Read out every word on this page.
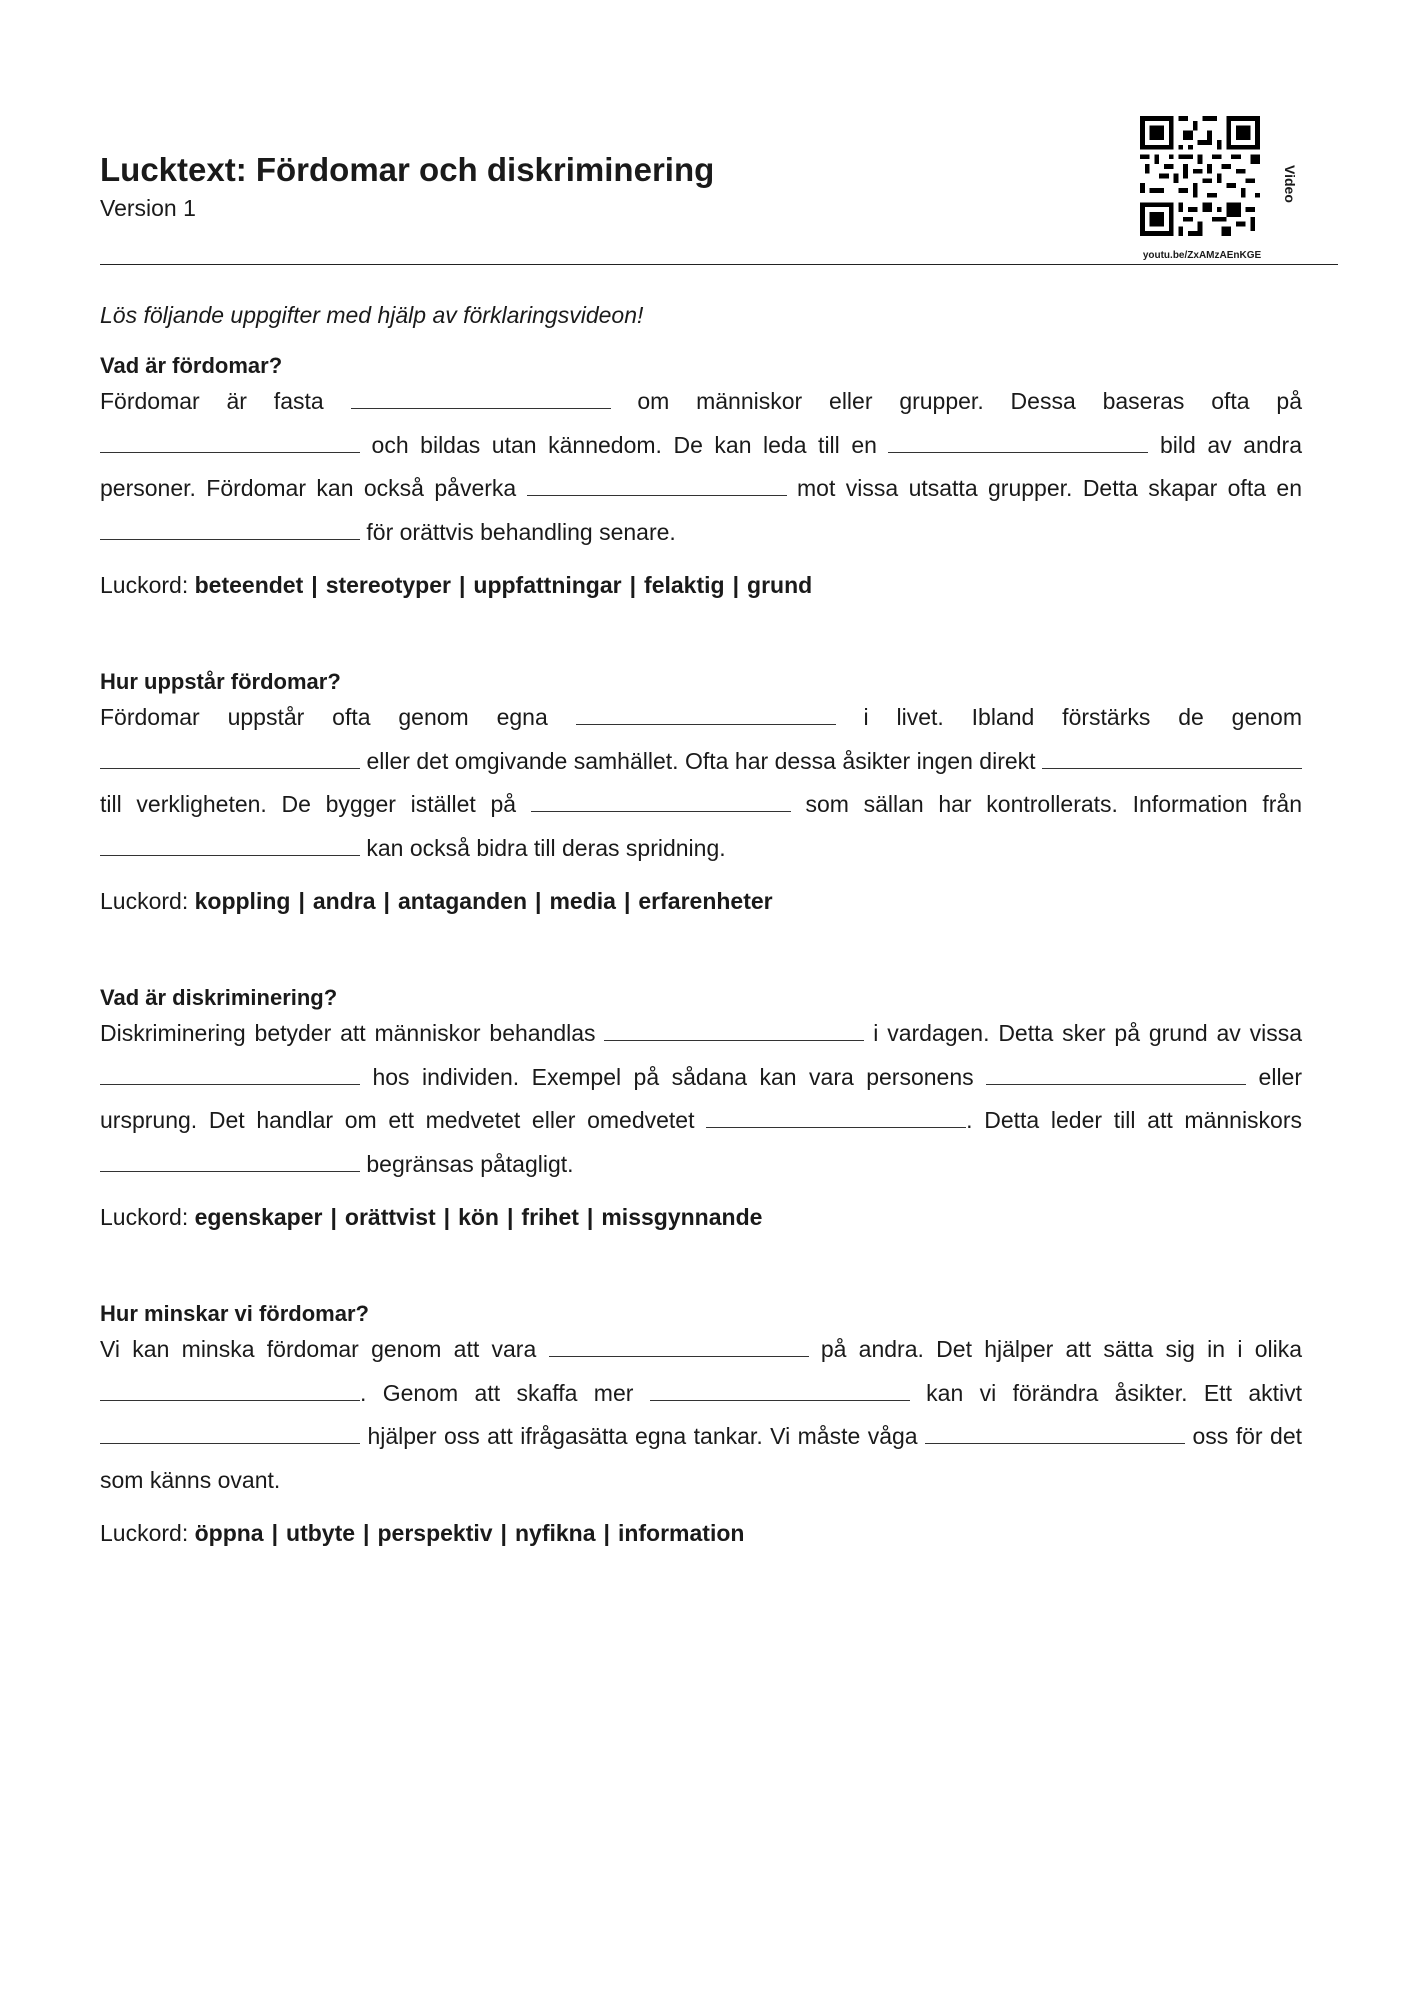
Lucktext: Fördomar och diskriminering
Version 1
youtu.be/ZxAMzAEnKGE
Video
Lös följande uppgifter med hjälp av förklaringsvideon!
Vad är fördomar?

Fördomar är fasta	om människor eller grupper. Dessa baseras ofta på  och bildas utan kännedom. De kan leda till en	bild av andra personer. Fördomar kan också påverka	mot vissa utsatta grupper. Detta skapar ofta en  för orättvis behandling senare.

Luckord: beteendet | stereotyper | uppfattningar | felaktig | grund
Hur uppstår fördomar?

Fördomar uppstår ofta genom egna	i livet. Ibland förstärks de genom  eller det omgivande samhället. Ofta har dessa åsikter ingen direkt  till verkligheten. De bygger istället på	som sällan har kontrollerats. Information från  kan också bidra till deras spridning.

Luckord: koppling | andra | antaganden | media | erfarenheter
Vad är diskriminering?

Diskriminering betyder att människor behandlas	i vardagen. Detta sker på grund av vissa  hos individen. Exempel på sådana kan vara personens	eller ursprung. Det handlar om ett medvetet eller omedvetet	. Detta leder till att människors  begränsas påtagligt.

Luckord: egenskaper | orättvist | kön | frihet | missgynnande
Hur minskar vi fördomar?

Vi kan minska fördomar genom att vara	på andra. Det hjälper att sätta sig in i olika . Genom att skaffa mer	kan vi förändra åsikter. Ett aktivt  hjälper oss att ifrågasätta egna tankar. Vi måste våga	oss för det som känns ovant.

Luckord: öppna | utbyte | perspektiv | nyfikna | information
